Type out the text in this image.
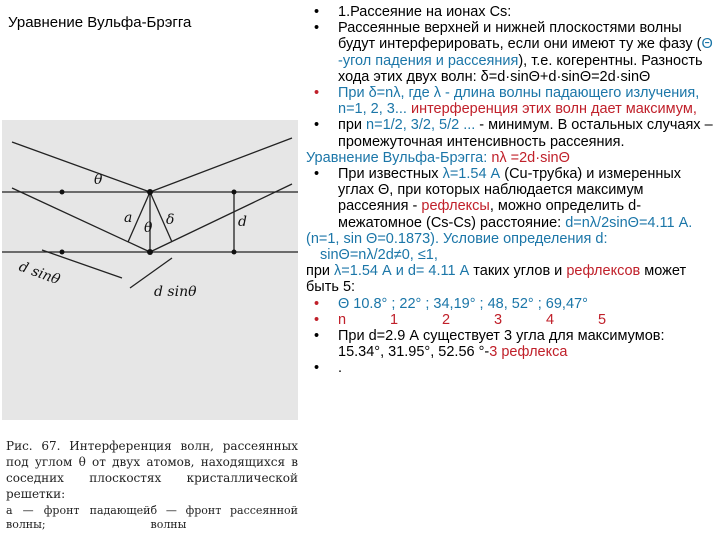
Уравнение Вульфа-Брэгга
θ
a
θ δ	d
d sinθ
d sinθ
Рис. 67. Интерференция волн, рассеянных под углом θ от двух атомов, находящихся в соседних плоскостях кристаллической решетки:
а — фронт падающей волны;
б — фронт рассеянной волны
• 1.Рассеяние на ионах Cs:
• Рассеянные верхней и нижней плоскостями волны будут интерферировать, если они имеют ту же фазу (Θ -угол падения и рассеяния), т.е. когерентны. Разность хода этих двух волн: δ=d·sinΘ+d·sinΘ=2d·sinΘ
• При δ=nλ, где λ - длина волны падающего излучения, n=1, 2, 3... интерференция этих волн дает максимум,
• при n=1/2, 3/2, 5/2 ... - минимум. В остальных случаях – промежуточная интенсивность рассеяния.
Уравнение Вульфа-Брэгга: nλ =2d·sinΘ
• При известных λ=1.54 А (Cu-трубка) и измеренных углах Θ, при которых наблюдается максимум рассеяния - рефлексы, можно определить d-межатомное (Cs-Cs) расстояние: d=nλ/2sinΘ=4.11 А.
(n=1, sin Θ=0.1873). Условие определения d:
sinΘ=nλ/2d≠0, ≤1,
при λ=1.54 А и d= 4.11 А таких углов и рефлексов может быть 5:
• Θ 10.8° ; 22° ; 34,19° ; 48, 52° ; 69,47°
• n	1	2	3	4	5
• При d=2.9 А существует 3 угла для максимумов: 15.34°, 31.95°, 52.56 °-3 рефлекса
• .
